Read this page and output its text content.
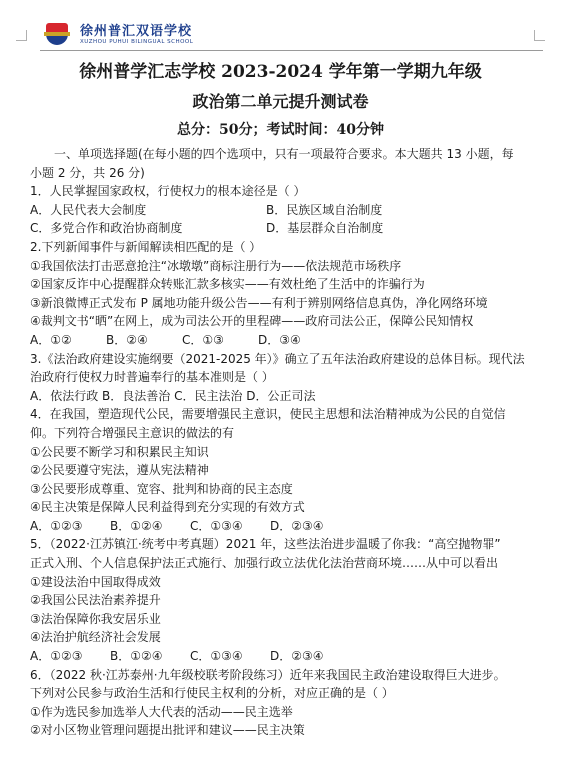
徐州普汇双语学校
XUZHOU PUHUI BILINGUAL SCHOOL
徐州普学汇志学校 2023-2024 学年第一学期九年级
政治第二单元提升测试卷
总分：50分；考试时间：40分钟
一、单项选择题(在每小题的四个选项中，只有一项最符合要求。本大题共 13 小题，每
小题 2 分，共 26 分)
1．人民掌握国家政权，行使权力的根本途径是（ ）
A．人民代表大会制度	B．民族区域自治制度
C．多党合作和政治协商制度	D．基层群众自治制度
2.下列新闻事件与新闻解读相匹配的是（ ）
①我国依法打击恶意抢注“冰墩墩”商标注册行为——依法规范市场秩序
②国家反诈中心提醒群众转账汇款多核实——有效杜绝了生活中的诈骗行为
③新浪微博正式发布 P 属地功能升级公告——有利于辨别网络信息真伪，净化网络环境
④裁判文书“晒”在网上，成为司法公开的里程碑——政府司法公正，保障公民知情权
A．①②	B．②④	C．①③	D．③④
3.《法治政府建设实施纲要（2021-2025 年）》确立了五年法治政府建设的总体目标。现代法
治政府行使权力时普遍奉行的基本准则是（ ）
A．依法行政 B．良法善治 C．民主法治 D．公正司法
4．在我国，塑造现代公民，需要增强民主意识，使民主思想和法治精神成为公民的自觉信
仰。下列符合增强民主意识的做法的有
①公民要不断学习和积累民主知识
②公民要遵守宪法，遵从宪法精神
③公民要形成尊重、宽容、批判和协商的民主态度
④民主决策是保障人民利益得到充分实现的有效方式
A．①②③	B．①②④	C．①③④	D．②③④
5．（2022·江苏镇江·统考中考真题）2021 年，这些法治进步温暖了你我：“高空抛物罪”
正式入刑、个人信息保护法正式施行、加强行政立法优化法治营商环境……从中可以看出
①建设法治中国取得成效
②我国公民法治素养提升
③法治保障你我安居乐业
④法治护航经济社会发展
A．①②③	B．①②④	C．①③④	D．②③④
6．（2022 秋·江苏泰州·九年级校联考阶段练习）近年来我国民主政治建设取得巨大进步。
下列对公民参与政治生活和行使民主权利的分析，对应正确的是（ ）
①作为选民参加选举人大代表的活动——民主选举
②对小区物业管理问题提出批评和建议——民主决策
